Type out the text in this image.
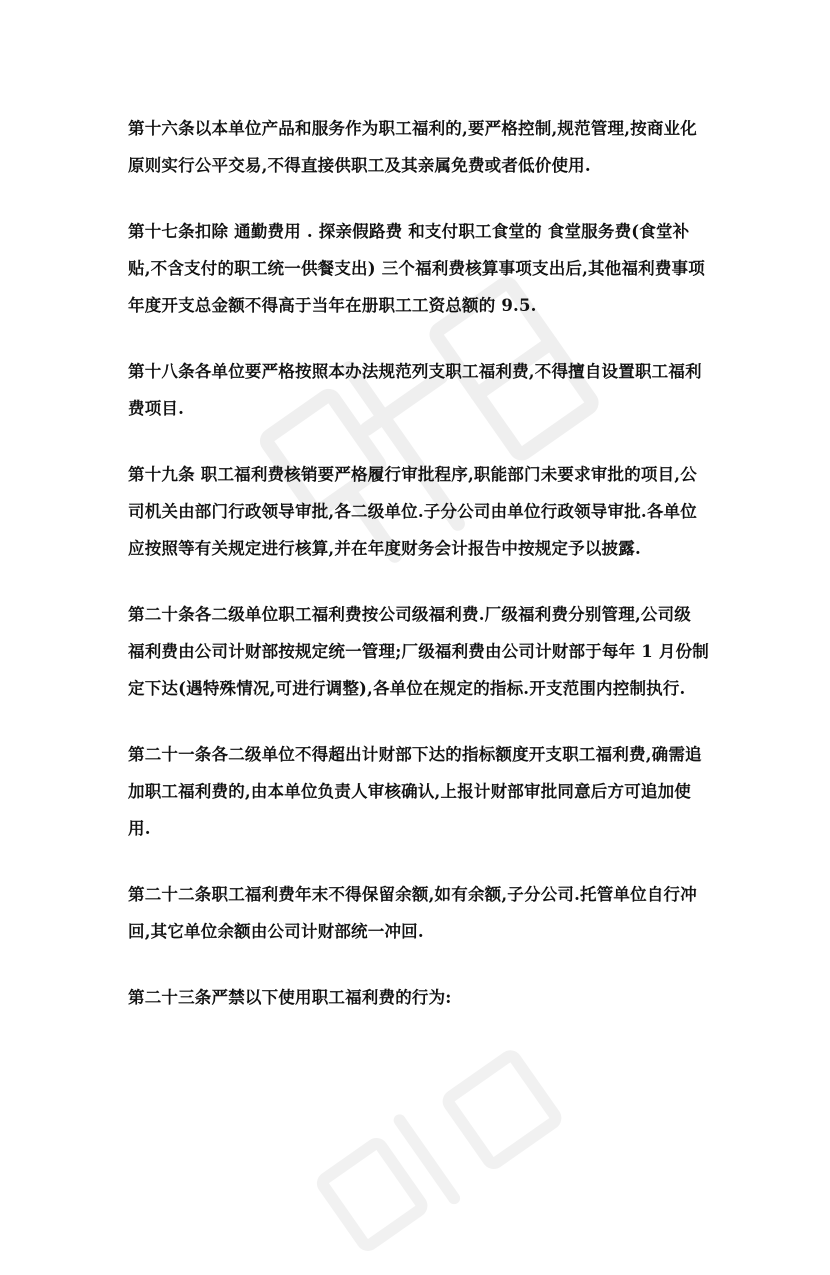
第十六条以本单位产品和服务作为职工福利的,要严格控制,规范管理,按商业化
原则实行公平交易,不得直接供职工及其亲属免费或者低价使用.

第十七条扣除 通勤费用 . 探亲假路费 和支付职工食堂的 食堂服务费(食堂补
贴,不含支付的职工统一供餐支出) 三个福利费核算事项支出后,其他福利费事项
年度开支总金额不得高于当年在册职工工资总额的 9.5.

第十八条各单位要严格按照本办法规范列支职工福利费,不得擅自设置职工福利
费项目.

第十九条 职工福利费核销要严格履行审批程序,职能部门未要求审批的项目,公
司机关由部门行政领导审批,各二级单位.子分公司由单位行政领导审批.各单位
应按照等有关规定进行核算,并在年度财务会计报告中按规定予以披露.

第二十条各二级单位职工福利费按公司级福利费.厂级福利费分别管理,公司级
福利费由公司计财部按规定统一管理;厂级福利费由公司计财部于每年 1 月份制
定下达(遇特殊情况,可进行调整),各单位在规定的指标.开支范围内控制执行.

第二十一条各二级单位不得超出计财部下达的指标额度开支职工福利费,确需追
加职工福利费的,由本单位负责人审核确认,上报计财部审批同意后方可追加使
用.

第二十二条职工福利费年末不得保留余额,如有余额,子分公司.托管单位自行冲
回,其它单位余额由公司计财部统一冲回.

第二十三条严禁以下使用职工福利费的行为:
